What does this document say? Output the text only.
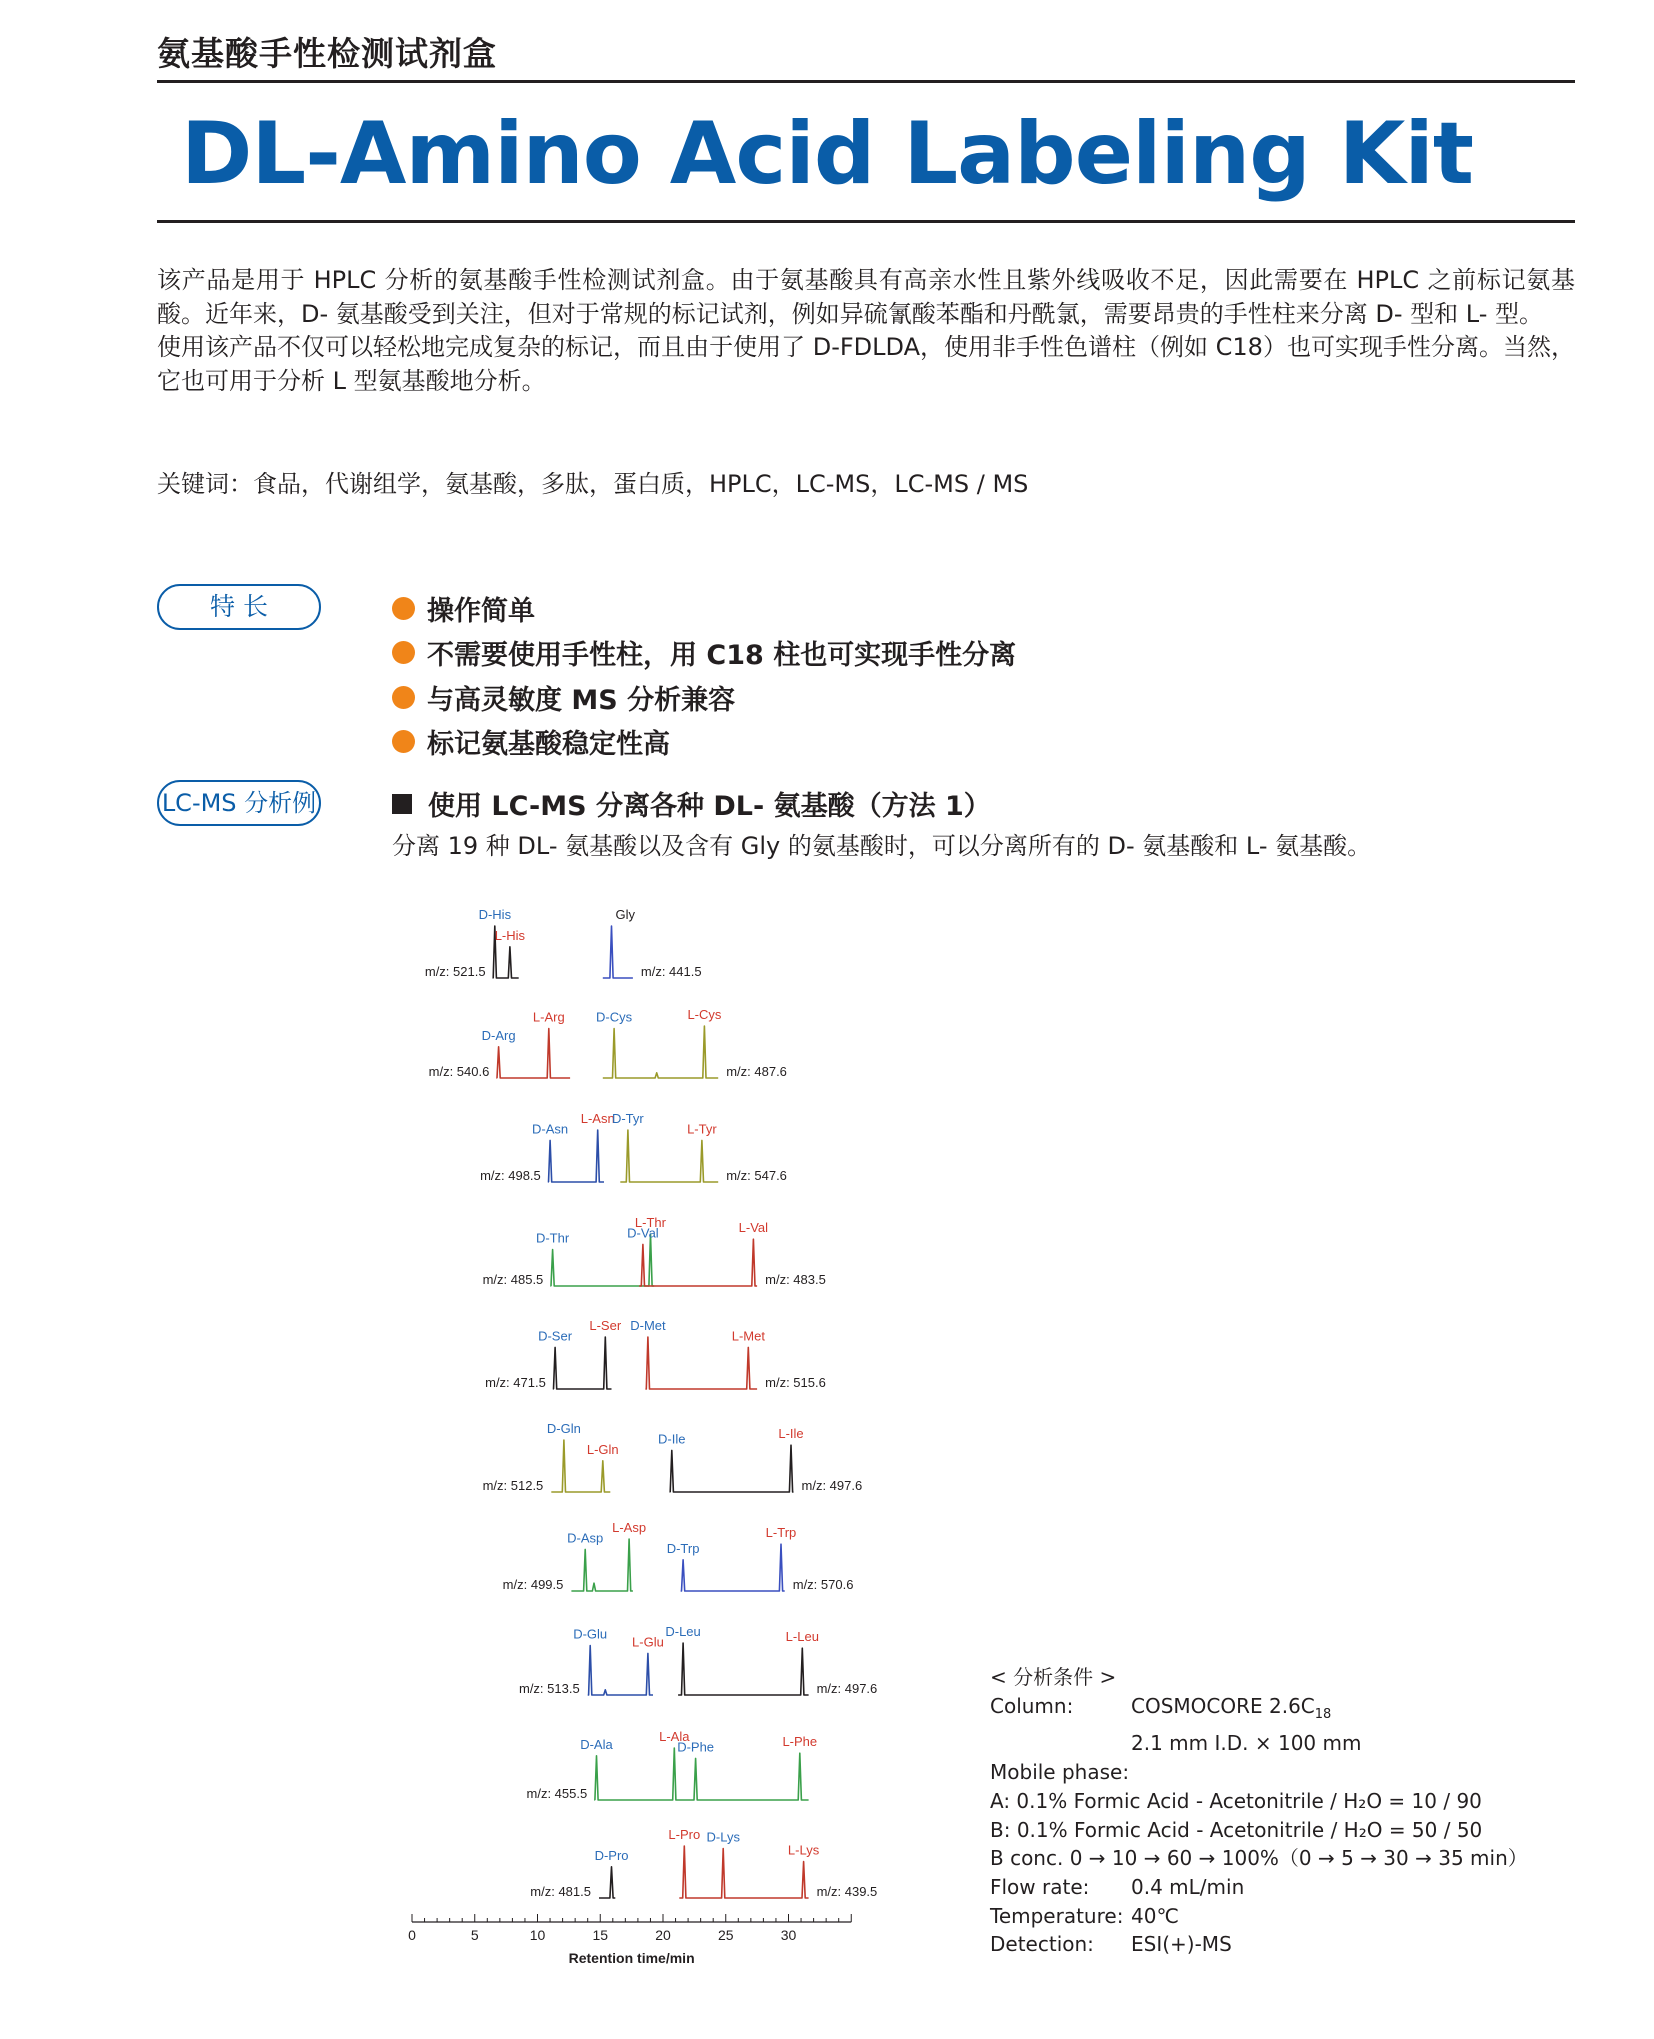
氨基酸手性检测试剂盒
DL-Amino Acid Labeling Kit

该产品是用于 HPLC 分析的氨基酸手性检测试剂盒。由于氨基酸具有高亲水性且紫外线吸收不足，因此需要在 HPLC 之前标记氨基酸。近年来，D- 氨基酸受到关注，但对于常规的标记试剂，例如异硫氰酸苯酯和丹酰氯，需要昂贵的手性柱来分离 D- 型和 L- 型。

使用该产品不仅可以轻松地完成复杂的标记，而且由于使用了 D-FDLDA，使用非手性色谱柱（例如 C18）也可实现手性分离。当然，它也可用于分析 L 型氨基酸地分析。

关键词：食品，代谢组学，氨基酸，多肽，蛋白质，HPLC，LC-MS，LC-MS / MS
特 长	操作简单
不需要使用手性柱，用 C18 柱也可实现手性分离
与高灵敏度 MS 分析兼容
标记氨基酸稳定性高
LC-MS 分析例	使用 LC-MS 分离各种 DL- 氨基酸（方法 1）
分离 19 种 DL- 氨基酸以及含有 Gly 的氨基酸时，可以分离所有的 D- 氨基酸和 L- 氨基酸。
m/z: 521.5
D-His
L-His
m/z: 441.5
Gly
m/z: 540.6
D-Arg
L-Arg
m/z: 487.6
D-Cys	L-Cys
m/z: 498.5
D-Asn
L-Asn
m/z: 547.6
D-Tyr
L-Tyr
m/z: 485.5
D-Thr
L-Thr
m/z: 483.5
D-Val	L-Val
m/z: 471.5
D-Ser
L-Ser
m/z: 515.6
D-Met
L-Met
m/z: 512.5
D-Gln
L-Gln
m/z: 497.6
D-Ile	L-Ile
m/z: 499.5
D-Asp
L-Asp
m/z: 570.6
D-Trp
L-Trp
m/z: 513.5
D-Glu
L-Glu
m/z: 497.6
D-Leu	L-Leu
m/z: 455.5
D-Ala
L-Ala
D-Phe	L-Phe
m/z: 481.5
D-Pro
m/z: 439.5
L-Pro D-Lys
L-Lys
0	5	10	15	20	25	30
Retention time/min
< 分析条件 >
Column:	COSMOCORE $2.6C_{18}$
2.1 mm I.D. × 100 mm
Mobile phase:
A: 0.1% Formic Acid - Acetonitrile / H₂O = 10 / 90
B: 0.1% Formic Acid - Acetonitrile / H₂O = 50 / 50
B conc. 0 → 10 → 60 → 100%（0 → 5 → 30 → 35 min）
Flow rate:	0.4 mL/min
Temperature: 40℃
Detection:	ESI(+)-MS
